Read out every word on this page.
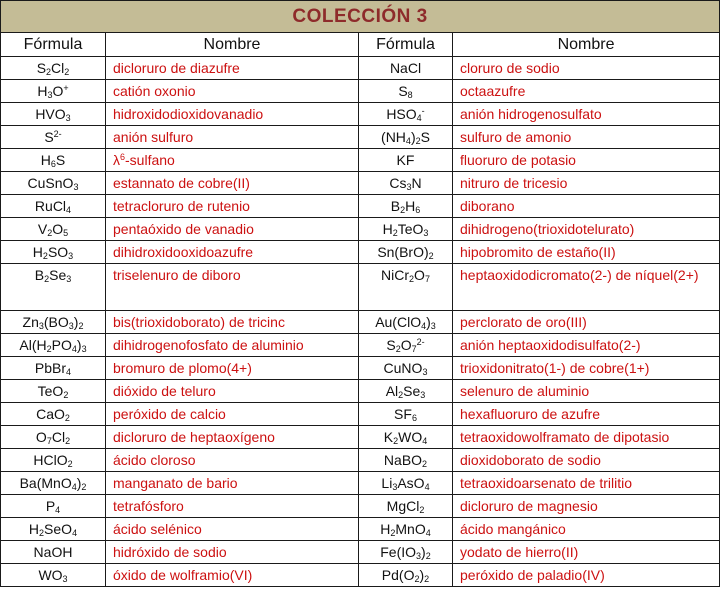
COLECCIÓN 3			
Fórmula	Nombre	Fórmula	Nombre
$S_2Cl_2$	dicloruro de diazufre	NaCl	cloruro de sodio
$H_3O^+$	catión oxonio	$S_8$	octaazufre
$HVO_3$	hidroxidodioxidovanadio	$HSO_4^-$	anión hidrogenosulfato
$S^{2-}$	anión sulfuro	$(NH_4)_2S$	sulfuro de amonio
$H_6S$	$\lambda^6$-sulfano	KF	fluoruro de potasio
CuSnO$_3$	estannato de cobre(II)	$Cs_3N$	nitruro de tricesio
RuCl$_4$	tetracloruro de rutenio	$B_2H_6$	diborano
$V_2O_5$	pentaóxido de vanadio	$H_2TeO_3$	dihidrogeno(trioxidotelurato)
$H_2SO_3$	dihidroxidooxidoazufre	$Sn(BrO)_2$	hipobromito de estaño(II)
$B_2Se_3$	triselenuro de diboro	$NiCr_2O_7$	heptaoxidodicromato(2-) de níquel(2+)
$Zn_3(BO_3)_2$	bis(trioxidoborato) de tricinc	$Au(ClO_4)_3$	perclorato de oro(III)
$Al(H_2PO_4)_3$	dihidrogenofosfato de aluminio	$S_2O_7^{2-}$	anión heptaoxidodisulfato(2-)
PbBr$_4$	bromuro de plomo(4+)	CuNO$_3$	trioxidonitrato(1-) de cobre(1+)
TeO$_2$	dióxido de teluro	$Al_2Se_3$	selenuro de aluminio
CaO$_2$	peróxido de calcio	$SF_6$	hexafluoruro de azufre
$O_7Cl_2$	dicloruro de heptaoxígeno	$K_2WO_4$	tetraoxidowolframato de dipotasio
HClO$_2$	ácido cloroso	NaBO$_2$	dioxidoborato de sodio
$Ba(MnO_4)_2$	manganato de bario	$Li_3AsO_4$	tetraoxidoarsenato de trilitio
$P_4$	tetrafósforo	MgCl$_2$	dicloruro de magnesio
$H_2SeO_4$	ácido selénico	$H_2MnO_4$	ácido mangánico
NaOH	hidróxido de sodio	$Fe(IO_3)_2$	yodato de hierro(II)
$WO_3$	óxido de wolframio(VI)	$Pd(O_2)_2$	peróxido de paladio(IV)
